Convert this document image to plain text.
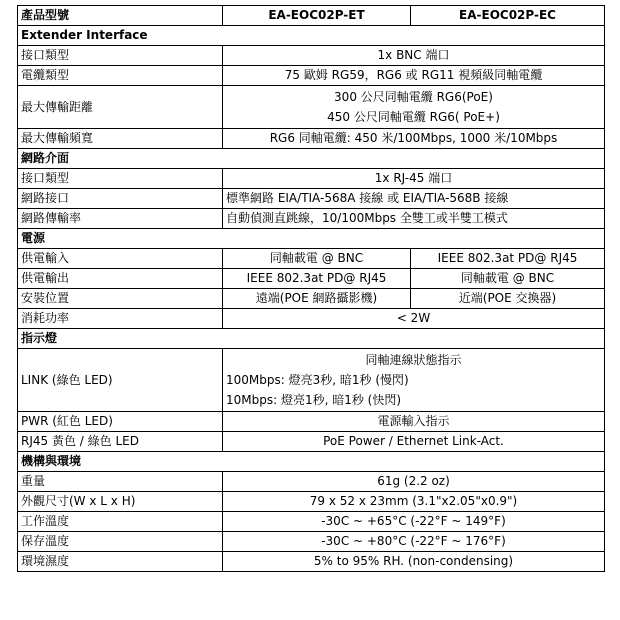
產品型號	EA-EOC02P-ET	EA-EOC02P-EC
Extender Interface		
接口類型	1x BNC 端口	
電纜類型	75 歐姆 RG59，RG6 或 RG11 視頻級同軸電纜	
最大傳輸距離	300 公尺同軸電纜 RG6(PoE)
450 公尺同軸電纜 RG6( PoE+)	

最大傳輸頻寬	RG6 同軸電纜: 450 米/100Mbps, 1000 米/10Mbps	
網路介面		
接口類型	1x RJ-45 端口	
網路接口	標準網路 EIA/TIA-568A 接線 或 EIA/TIA-568B 接線	
網路傳輸率	自動偵測直跳線，10/100Mbps 全雙工或半雙工模式	
電源		
供電輸入	同軸載電 @ BNC	IEEE 802.3at PD@ RJ45
供電輸出	IEEE 802.3at PD@ RJ45	同軸載電 @ BNC
安裝位置	遠端(POE 網路攝影機)	近端(POE 交換器)
消耗功率	< 2W	
指示燈		
LINK (綠色 LED)	同軸連線狀態指示
100Mbps: 燈亮3秒, 暗1秒 (慢閃)
10Mbps: 燈亮1秒, 暗1秒 (快閃)	

PWR (紅色 LED)	電源輸入指示	
RJ45 黃色 / 綠色 LED	PoE Power / Ethernet Link-Act.	
機構與環境		
重量	61g (2.2 oz)	
外觀尺寸(W x L x H)	79 x 52 x 23mm (3.1"x2.05"x0.9")	
工作溫度	-30C ~ +65°C (-22°F ~ 149°F)	
保存溫度	-30C ~ +80°C (-22°F ~ 176°F)	
環境濕度	5% to 95% RH. (non-condensing)	
